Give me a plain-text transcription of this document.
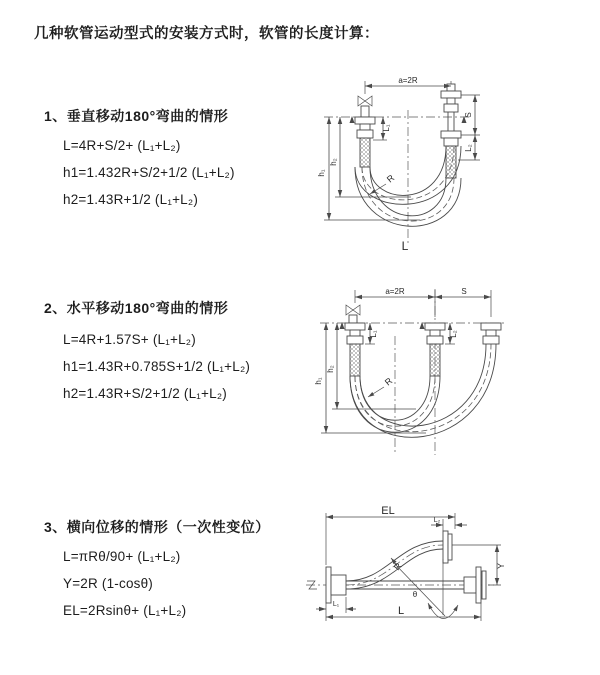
几种软管运动型式的安装方式时，软管的长度计算：
1、垂直移动180°弯曲的情形
L=4R+S/2+ (L₁+L₂)
h1=1.432R+S/2+1/2 (L₁+L₂)
h2=1.43R+1/2 (L₁+L₂)
a=2R
S
L₂
L₁
h₁
h₂
R
L
2、水平移动180°弯曲的情形
L=4R+1.57S+ (L₁+L₂)
h1=1.43R+0.785S+1/2 (L₁+L₂)
h2=1.43R+S/2+1/2 (L₁+L₂)
a=2R	S
L₁	L₂
h₁
h₂
R
3、横向位移的情形（一次性变位）
L=πRθ/90+ (L₁+L₂)
Y=2R (1-cosθ)
EL=2Rsinθ+ (L₁+L₂)
EL
L₂
θ
R	Y
L₁
L
